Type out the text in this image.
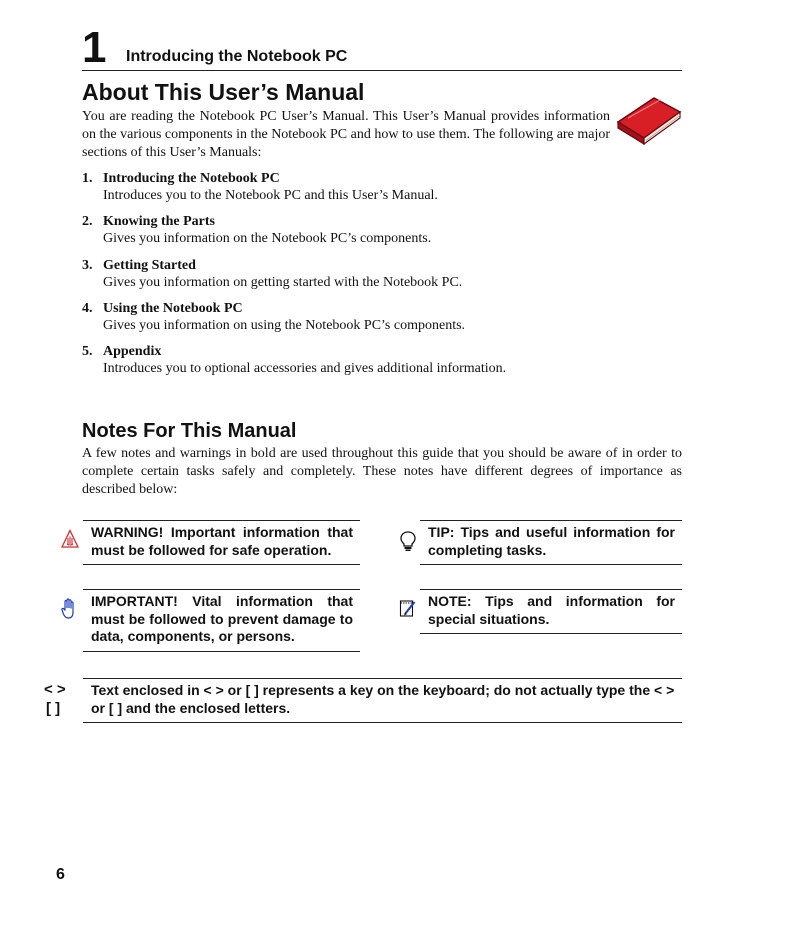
1 Introducing the Notebook PC
About This User’s Manual

You are reading the Notebook PC User’s Manual. This User’s Manual provides information on the various components in the Notebook PC and how to use them. The following are major sections of this User’s Manuals:

1. Introducing the Notebook PC
Introduces you to the Notebook PC and this User’s Manual.
2. Knowing the Parts
Gives you information on the Notebook PC’s components.
3. Getting Started
Gives you information on getting started with the Notebook PC.
4. Using the Notebook PC
Gives you information on using the Notebook PC’s components.
5. Appendix
Introduces you to optional accessories and gives additional information.
Notes For This Manual

A few notes and warnings in bold are used throughout this guide that you should be aware of in order to complete certain tasks safely and completely. These notes have different degrees of importance as described below:

WARNING! Important information that must be followed for safe operation.
TIP: Tips and useful information for completing tasks.
IMPORTANT! Vital information that must be followed to prevent damage to data, components, or persons.
NOTE: Tips and information for special situations.
< >
[ ]
Text enclosed in < > or [ ] represents a key on the keyboard; do not actually type the < > or [ ] and the enclosed letters.
6
